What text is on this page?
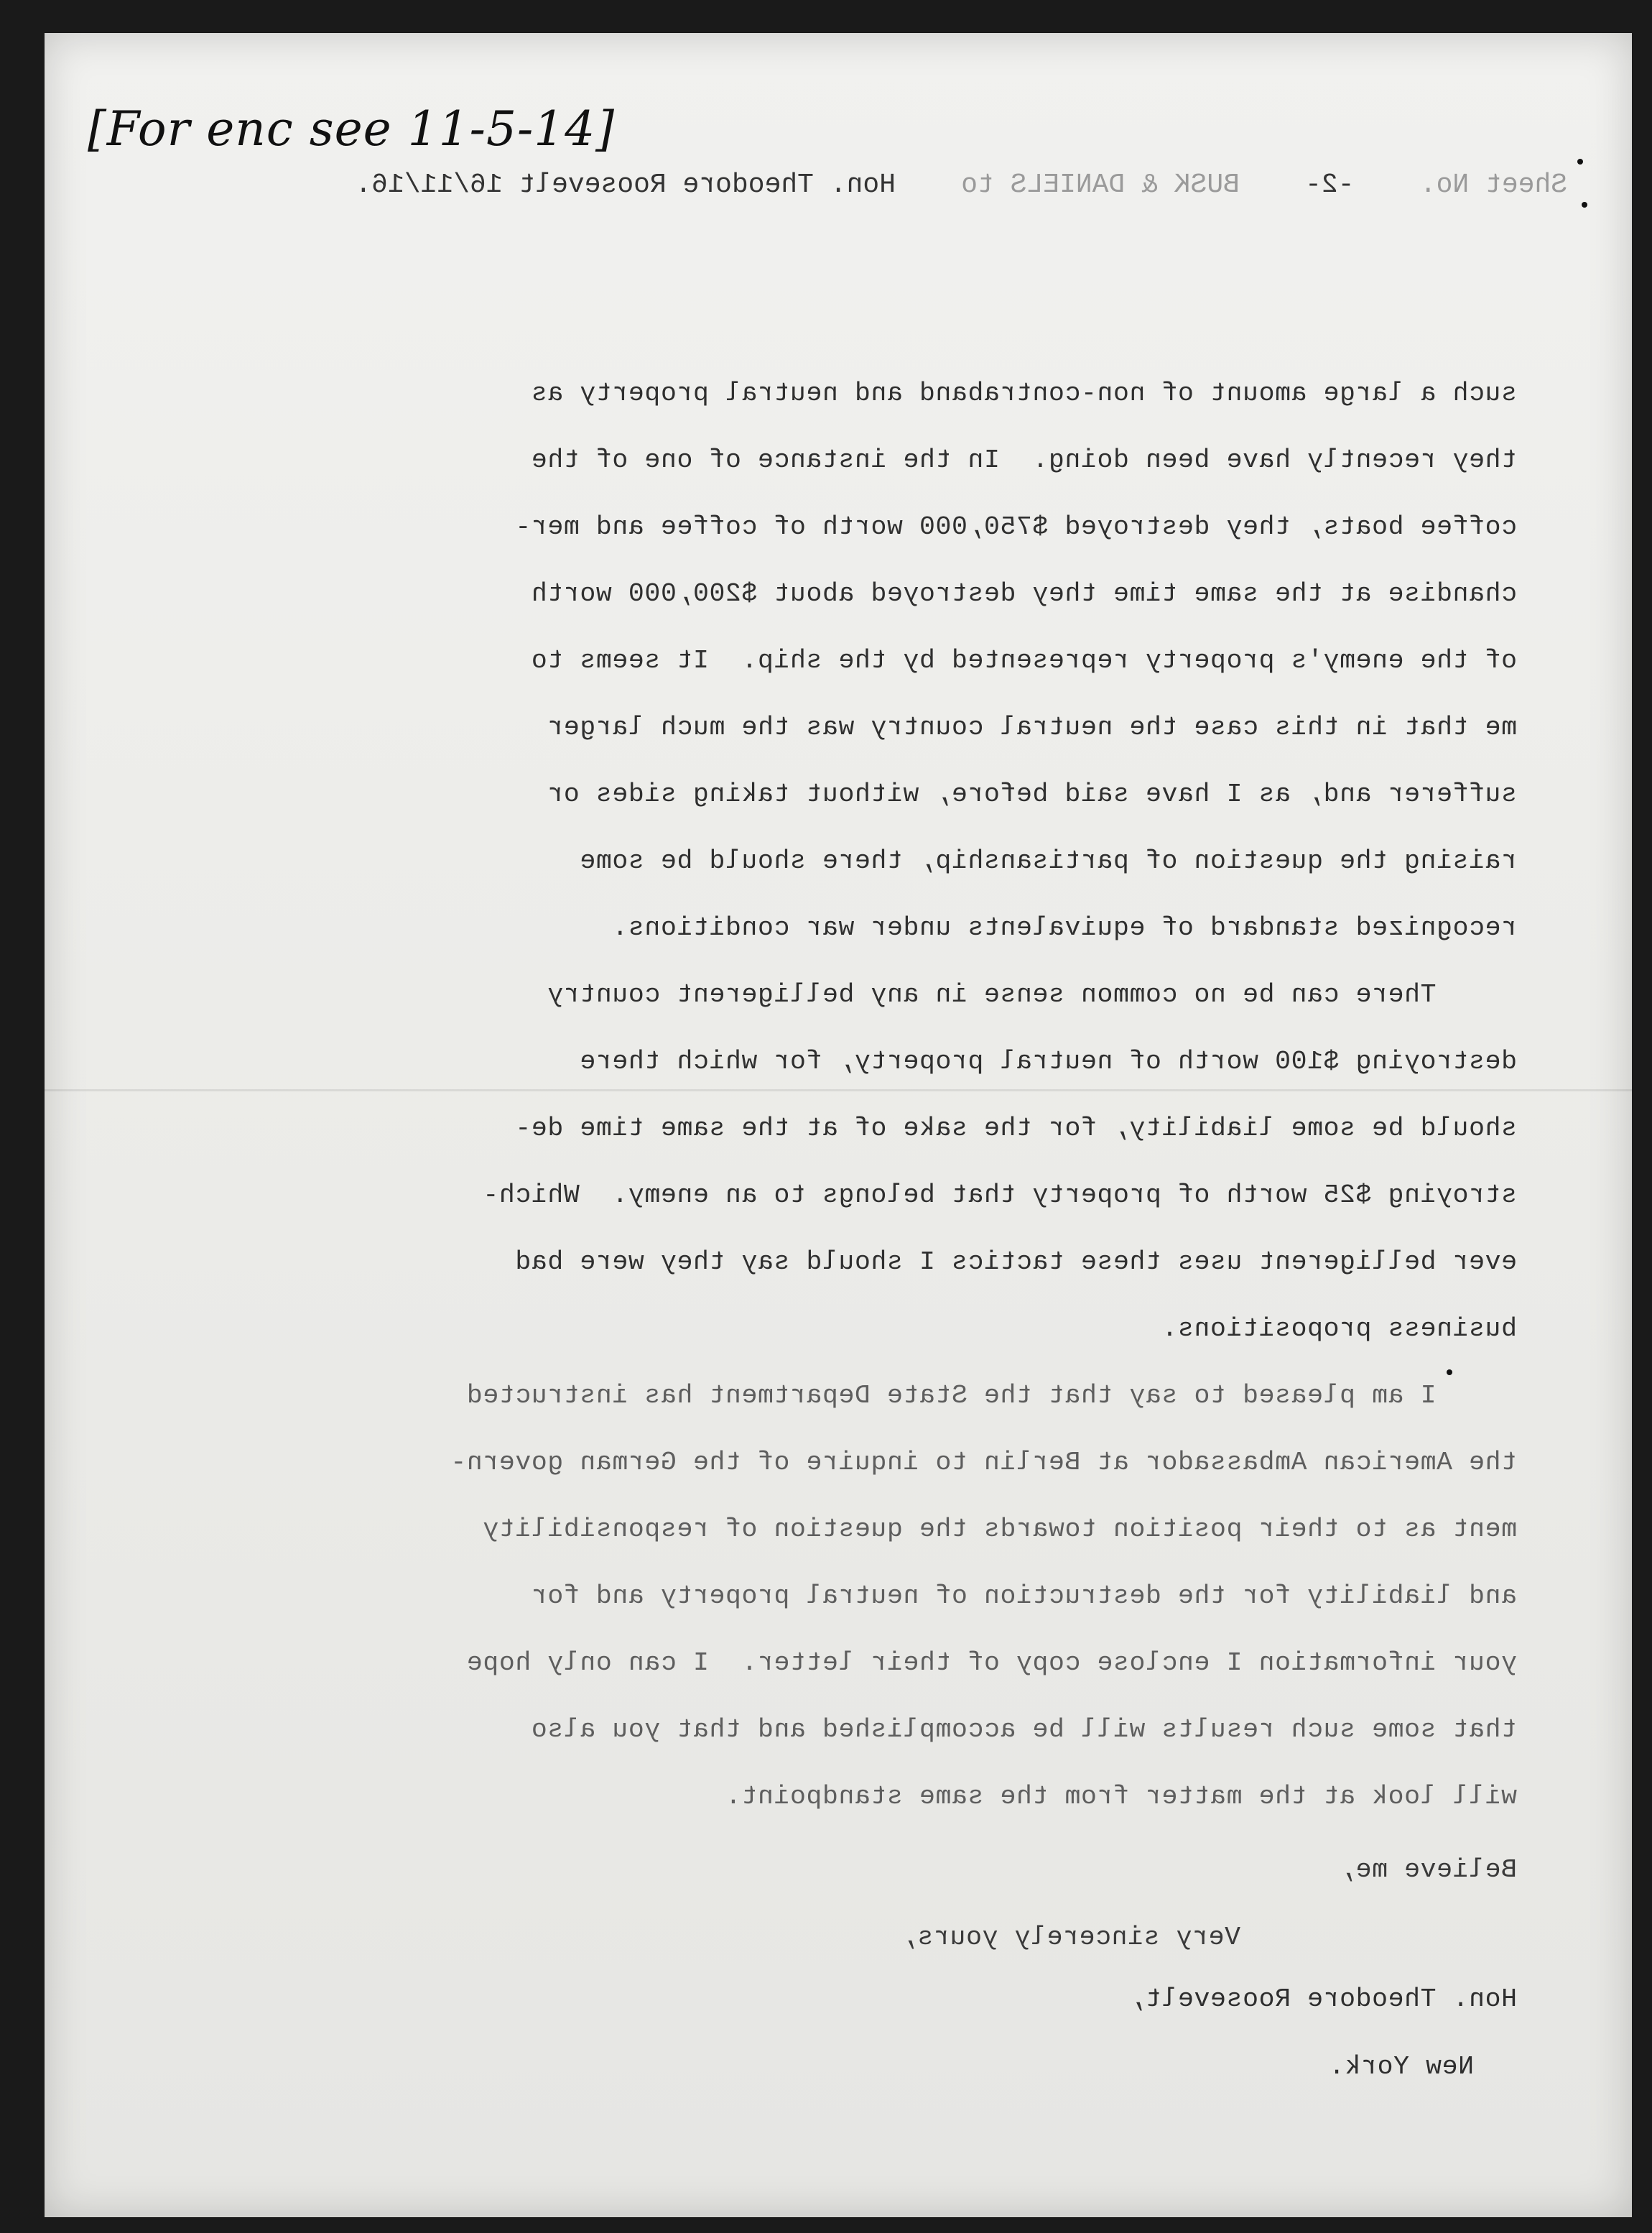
[For enc see 11-5-14]
Sheet No.    -2-    BUSK & DANIELS to    Hon. Theodore Roosevelt 16/11/16.
such a large amount of non-contraband and neutral property as
they recently have been doing.  In the instance of one of the
coffee boats, they destroyed $750,000 worth of coffee and mer-
chandise at the same time they destroyed about $200,000 worth
of the enemy's property represented by the ship.  It seems to
me that in this case the neutral country was the much larger
sufferer and, as I have said before, without taking sides or
raising the question of partisanship, there should be some
recognized standard of equivalents under war conditions.
There can be no common sense in any belligerent country
destroying $100 worth of neutral property, for which there
should be some liability, for the sake of at the same time de-
stroying $25 worth of property that belongs to an enemy.  Which-
ever belligerent uses these tactics I should say they were bad
business propositions.
I am pleased to say that the State Department has instructed
the American Ambassador at Berlin to inquire of the German govern-
ment as to their position towards the question of responsibility
and liability for the destruction of neutral property and for
your information I enclose copy of their letter.  I can only hope
that some such results will be accomplished and that you also
will look at the matter from the same standpoint.
Believe me,
Very sincerely yours,
Hon. Theodore Roosevelt,
New York.
